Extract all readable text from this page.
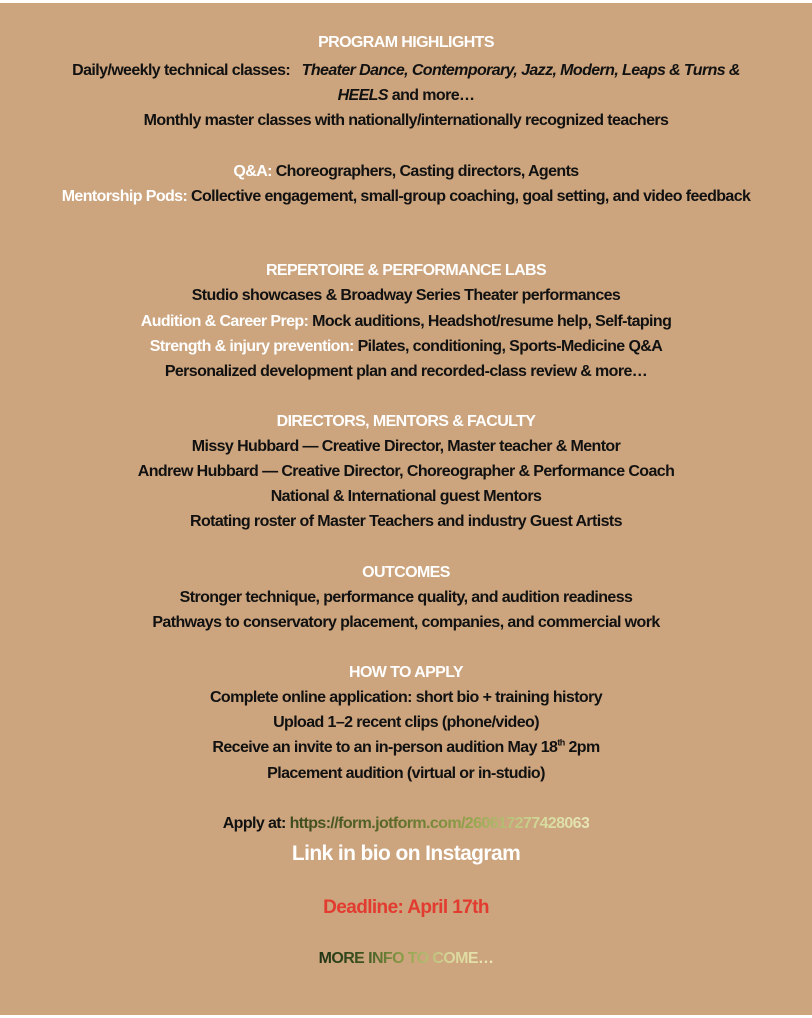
PROGRAM HIGHLIGHTS
Daily/weekly technical classes: Theater Dance, Contemporary, Jazz, Modern, Leaps & Turns &
HEELS and more…
Monthly master classes with nationally/internationally recognized teachers
Q&A: Choreographers, Casting directors, Agents
Mentorship Pods: Collective engagement, small-group coaching, goal setting, and video feedback
REPERTOIRE & PERFORMANCE LABS
Studio showcases & Broadway Series Theater performances
Audition & Career Prep: Mock auditions, Headshot/resume help, Self-taping
Strength & injury prevention: Pilates, conditioning, Sports-Medicine Q&A
Personalized development plan and recorded-class review & more…
DIRECTORS, MENTORS & FACULTY
Missy Hubbard — Creative Director, Master teacher & Mentor
Andrew Hubbard — Creative Director, Choreographer & Performance Coach
National & International guest Mentors
Rotating roster of Master Teachers and industry Guest Artists
OUTCOMES
Stronger technique, performance quality, and audition readiness
Pathways to conservatory placement, companies, and commercial work
HOW TO APPLY
Complete online application: short bio + training history
Upload 1–2 recent clips (phone/video)
Receive an invite to an in-person audition May 18th 2pm
Placement audition (virtual or in-studio)
Apply at: https://form.jotform.com/260617277428063
Link in bio on Instagram
Deadline: April 17th
MORE INFO TO COME…
